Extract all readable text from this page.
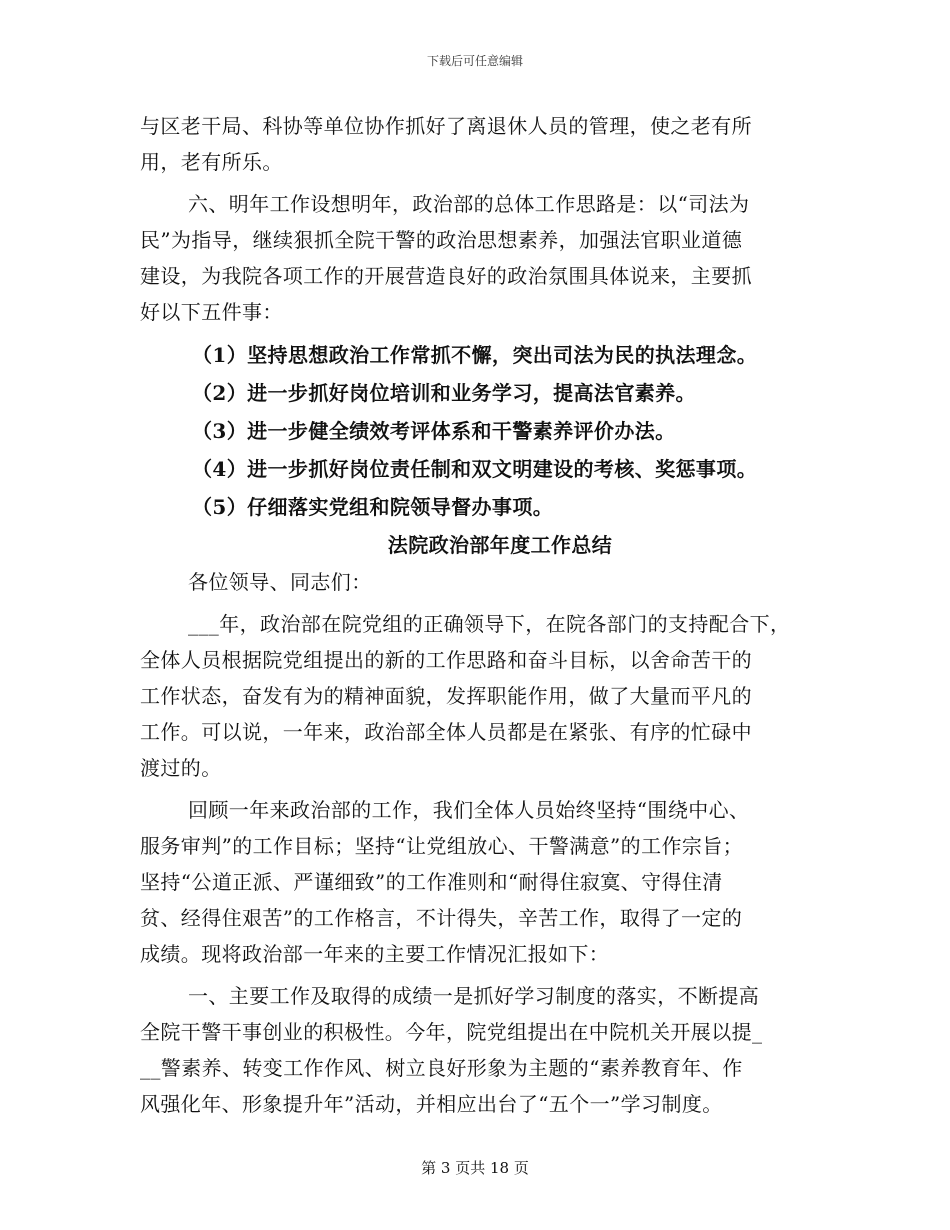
下载后可任意编辑
与区老干局、科协等单位协作抓好了离退休人员的管理，使之老有所
用，老有所乐。
六、明年工作设想明年，政治部的总体工作思路是：以“司法为
民”为指导，继续狠抓全院干警的政治思想素养，加强法官职业道德
建设，为我院各项工作的开展营造良好的政治氛围具体说来，主要抓
好以下五件事：
（1）坚持思想政治工作常抓不懈，突出司法为民的执法理念。
（2）进一步抓好岗位培训和业务学习，提高法官素养。
（3）进一步健全绩效考评体系和干警素养评价办法。
（4）进一步抓好岗位责任制和双文明建设的考核、奖惩事项。
（5）仔细落实党组和院领导督办事项。
法院政治部年度工作总结
各位领导、同志们：
___年，政治部在院党组的正确领导下，在院各部门的支持配合下，
全体人员根据院党组提出的新的工作思路和奋斗目标，以舍命苦干的
工作状态，奋发有为的精神面貌，发挥职能作用，做了大量而平凡的
工作。可以说，一年来，政治部全体人员都是在紧张、有序的忙碌中
渡过的。
回顾一年来政治部的工作，我们全体人员始终坚持“围绕中心、
服务审判”的工作目标；坚持“让党组放心、干警满意”的工作宗旨；
坚持“公道正派、严谨细致”的工作准则和“耐得住寂寞、守得住清
贫、经得住艰苦”的工作格言，不计得失，辛苦工作，取得了一定的
成绩。现将政治部一年来的主要工作情况汇报如下：
一、主要工作及取得的成绩一是抓好学习制度的落实，不断提高
全院干警干事创业的积极性。今年，院党组提出在中院机关开展以提_
__警素养、转变工作作风、树立良好形象为主题的“素养教育年、作
风强化年、形象提升年”活动，并相应出台了“五个一”学习制度。
第 3 页共 18 页
